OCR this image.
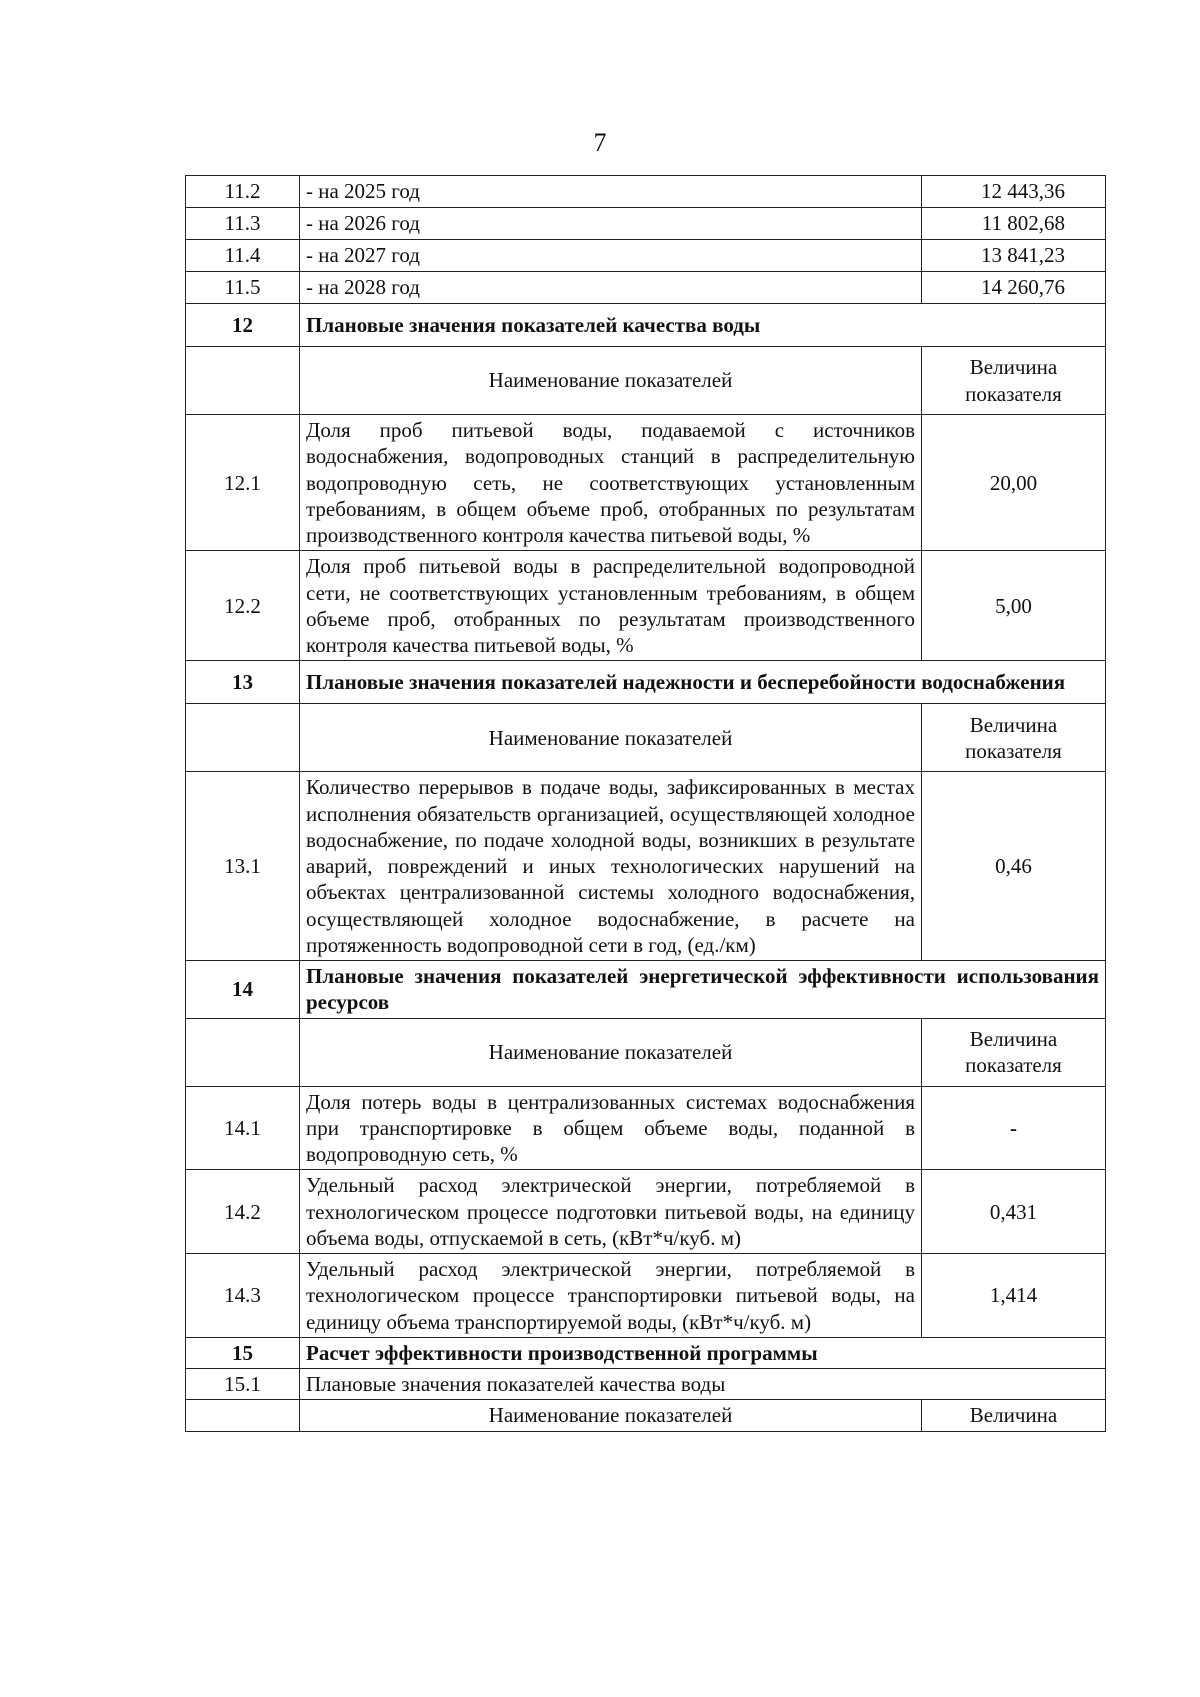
7
11.2	- на 2025 год	12 443,36
11.3	- на 2026 год	11 802,68
11.4	- на 2027 год	13 841,23
11.5	- на 2028 год	14 260,76
12	Плановые значения показателей качества воды	
	Наименование показателей	Величина показателя
12.1	Доля проб питьевой воды, подаваемой с источников водоснабжения, водопроводных станций в распределительную водопроводную сеть, не соответствующих установленным требованиям, в общем объеме проб, отобранных по результатам производственного контроля качества питьевой воды, %	20,00
12.2	Доля проб питьевой воды в распределительной водопроводной сети, не соответствующих установленным требованиям, в общем объеме проб, отобранных по результатам производственного контроля качества питьевой воды, %	5,00
13	Плановые значения показателей надежности и бесперебойности водоснабжения	
	Наименование показателей	Величина показателя
13.1	Количество перерывов в подаче воды, зафиксированных в местах исполнения обязательств организацией, осуществляющей холодное водоснабжение, по подаче холодной воды, возникших в результате аварий, повреждений и иных технологических нарушений на объектах централизованной системы холодного водоснабжения, осуществляющей холодное водоснабжение, в расчете на протяженность водопроводной сети в год, (ед./км)	0,46
14	Плановые значения показателей энергетической эффективности использования ресурсов	
	Наименование показателей	Величина показателя
14.1	Доля потерь воды в централизованных системах водоснабжения при транспортировке в общем объеме воды, поданной в водопроводную сеть, %	-
14.2	Удельный расход электрической энергии, потребляемой в технологическом процессе подготовки питьевой воды, на единицу объема воды, отпускаемой в сеть, (кВт*ч/куб. м)	0,431
14.3	Удельный расход электрической энергии, потребляемой в технологическом процессе транспортировки питьевой воды, на единицу объема транспортируемой воды, (кВт*ч/куб. м)	1,414
15	Расчет эффективности производственной программы	
15.1	Плановые значения показателей качества воды	
	Наименование показателей	Величина
